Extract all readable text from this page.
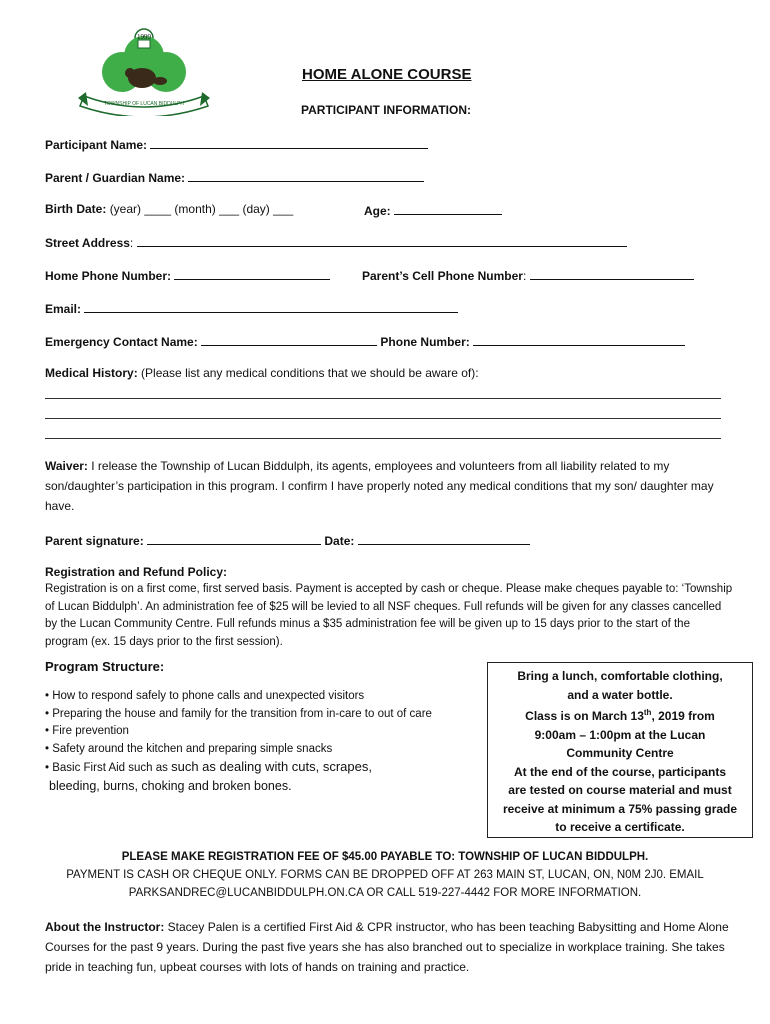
1999
TOWNSHIP OF LUCAN BIDDULPH
HOME ALONE COURSE
PARTICIPANT INFORMATION:
Participant Name:
Parent / Guardian Name:
Birth Date: (year) ____ (month) ___ (day) ___	Age:
Street Address:
Home Phone Number:	Parent’s Cell Phone Number:
Email:
Emergency Contact Name:	Phone Number:
Medical History: (Please list any medical conditions that we should be aware of):
Waiver: I release the Township of Lucan Biddulph, its agents, employees and volunteers from all liability related to my son/daughter’s participation in this program. I confirm I have properly noted any medical conditions that my son/ daughter may have.
Parent signature:	Date:
Registration and Refund Policy:
Registration is on a first come, first served basis. Payment is accepted by cash or cheque. Please make cheques payable to: ‘Township of Lucan Biddulph’. An administration fee of $25 will be levied to all NSF cheques. Full refunds will be given for any classes cancelled by the Lucan Community Centre. Full refunds minus a $35 administration fee will be given up to 15 days prior to the start of the program (ex. 15 days prior to the first session).
Program Structure:
• How to respond safely to phone calls and unexpected visitors
• Preparing the house and family for the transition from in-care to out of care
• Fire prevention
• Safety around the kitchen and preparing simple snacks
• Basic First Aid such as such as dealing with cuts, scrapes,
bleeding, burns, choking and broken bones.
Bring a lunch, comfortable clothing,
and a water bottle.
Class is on March 13th, 2019 from
9:00am – 1:00pm at the Lucan
Community Centre
At the end of the course, participants
are tested on course material and must
receive at minimum a 75% passing grade
to receive a certificate.
PLEASE MAKE REGISTRATION FEE OF $45.00 PAYABLE TO: TOWNSHIP OF LUCAN BIDDULPH.
PAYMENT IS CASH OR CHEQUE ONLY. FORMS CAN BE DROPPED OFF AT 263 MAIN ST, LUCAN, ON, N0M 2J0. EMAIL
PARKSANDREC@LUCANBIDDULPH.ON.CA OR CALL 519-227-4442 FOR MORE INFORMATION.
About the Instructor: Stacey Palen is a certified First Aid & CPR instructor, who has been teaching Babysitting and Home Alone Courses for the past 9 years. During the past five years she has also branched out to specialize in workplace training. She takes pride in teaching fun, upbeat courses with lots of hands on training and practice.
